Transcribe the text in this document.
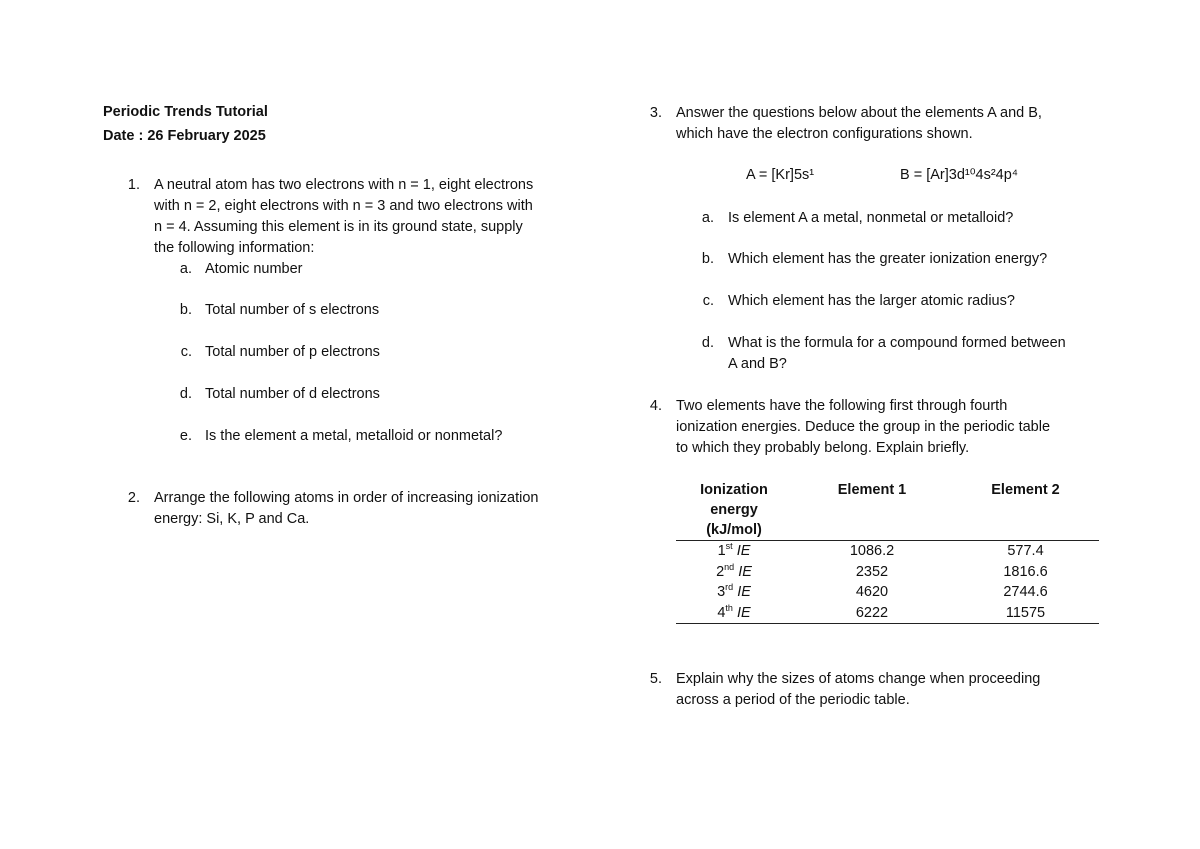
Periodic Trends Tutorial
Date : 26 February 2025
1. A neutral atom has two electrons with n = 1, eight electrons
with n = 2, eight electrons with n = 3 and two electrons with
n = 4. Assuming this element is in its ground state, supply
the following information:
a. Atomic number
b. Total number of s electrons
c. Total number of p electrons
d. Total number of d electrons
e. Is the element a metal, metalloid or nonmetal?
2. Arrange the following atoms in order of increasing ionization
energy: Si, K, P and Ca.
3. Answer the questions below about the elements A and B,
which have the electron configurations shown.
A = [Kr]5s¹	B = [Ar]3d¹⁰4s²4p⁴
a. Is element A a metal, nonmetal or metalloid?
b. Which element has the greater ionization energy?
c. Which element has the larger atomic radius?
d. What is the formula for a compound formed between
A and B?
4. Two elements have the following first through fourth
ionization energies. Deduce the group in the periodic table
to which they probably belong. Explain briefly.
Ionization energy
(kJ/mol)	Element 1	Element 2
1st IE	1086.2	577.4
2nd IE	2352	1816.6
3rd IE	4620	2744.6
4th IE	6222	11575
5. Explain why the sizes of atoms change when proceeding
across a period of the periodic table.
